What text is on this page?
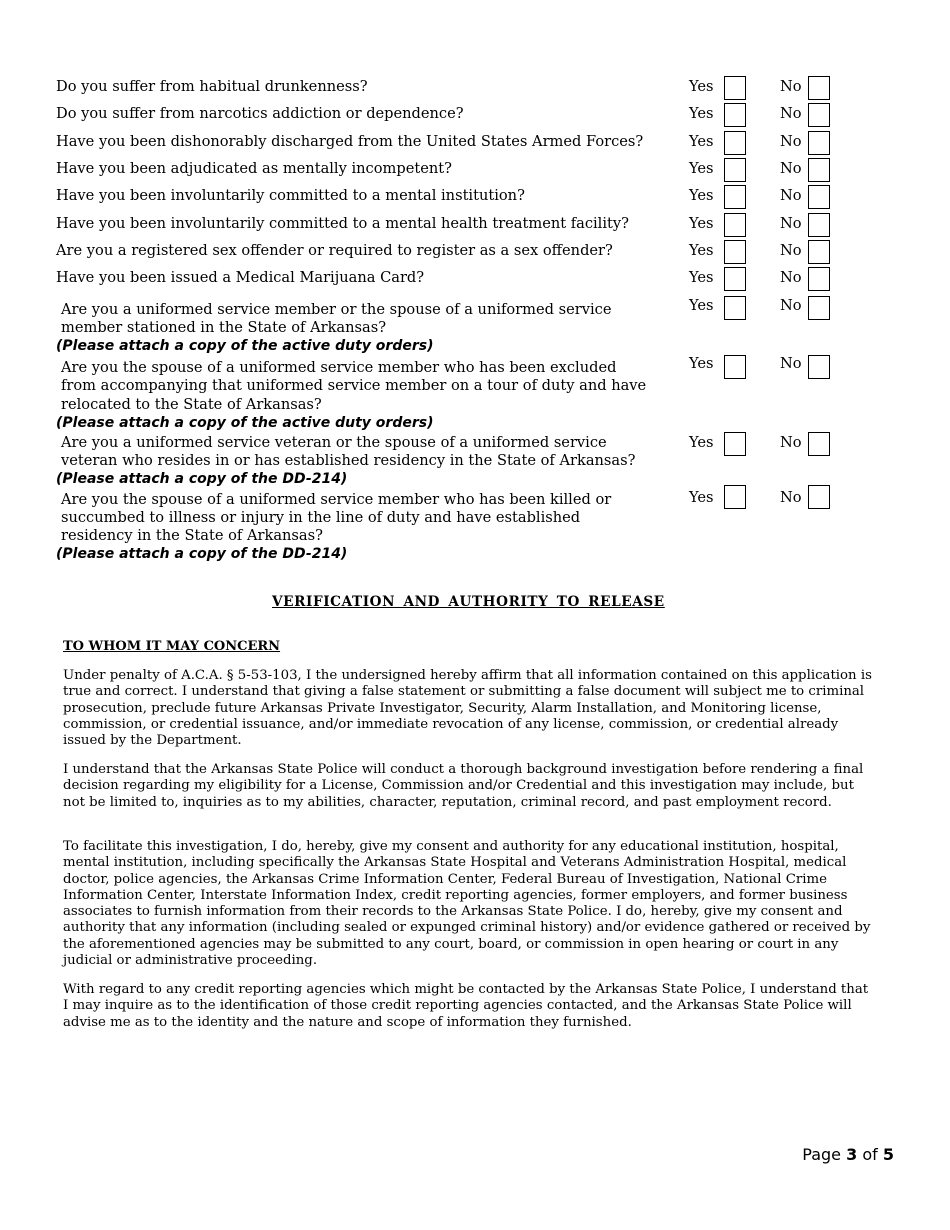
Do you suffer from habitual drunkenness?	Yes	No
Do you suffer from narcotics addiction or dependence?	Yes	No
Have you been dishonorably discharged from the United States Armed Forces?	Yes	No
Have you been adjudicated as mentally incompetent?	Yes	No
Have you been involuntarily committed to a mental institution?	Yes	No
Have you been involuntarily committed to a mental health treatment facility?	Yes	No
Are you a registered sex offender or required to register as a sex offender?	Yes	No
Have you been issued a Medical Marijuana Card?	Yes	No
Are you a uniformed service member or the spouse of a uniformed service
member stationed in the State of Arkansas?
(Please attach a copy of the active duty orders)
Yes	No
Are you the spouse of a uniformed service member who has been excluded
from accompanying that uniformed service member on a tour of duty and have
relocated to the State of Arkansas?
(Please attach a copy of the active duty orders)
Yes	No
Are you a uniformed service veteran or the spouse of a uniformed service
veteran who resides in or has established residency in the State of Arkansas?
(Please attach a copy of the DD-214)
Yes	No
Are you the spouse of a uniformed service member who has been killed or
succumbed to illness or injury in the line of duty and have established
residency in the State of Arkansas?
(Please attach a copy of the DD-214)
Yes	No
VERIFICATION AND AUTHORITY TO RELEASE
TO WHOM IT MAY CONCERN
Under penalty of A.C.A. § 5-53-103, I the undersigned hereby affirm that all information contained on this application is true and correct. I understand that giving a false statement or submitting a false document will subject me to criminal prosecution, preclude future Arkansas Private Investigator, Security, Alarm Installation, and Monitoring license, commission, or credential issuance, and/or immediate revocation of any license, commission, or credential already issued by the Department.
I understand that the Arkansas State Police will conduct a thorough background investigation before rendering a final decision regarding my eligibility for a License, Commission and/or Credential and this investigation may include, but not be limited to, inquiries as to my abilities, character, reputation, criminal record, and past employment record.
To facilitate this investigation, I do, hereby, give my consent and authority for any educational institution, hospital, mental institution, including specifically the Arkansas State Hospital and Veterans Administration Hospital, medical doctor, police agencies, the Arkansas Crime Information Center, Federal Bureau of Investigation, National Crime Information Center, Interstate Information Index, credit reporting agencies, former employers, and former business associates to furnish information from their records to the Arkansas State Police. I do, hereby, give my consent and authority that any information (including sealed or expunged criminal history) and/or evidence gathered or received by the aforementioned agencies may be submitted to any court, board, or commission in open hearing or court in any judicial or administrative proceeding.
With regard to any credit reporting agencies which might be contacted by the Arkansas State Police, I understand that I may inquire as to the identification of those credit reporting agencies contacted, and the Arkansas State Police will advise me as to the identity and the nature and scope of information they furnished.
Page 3 of 5
